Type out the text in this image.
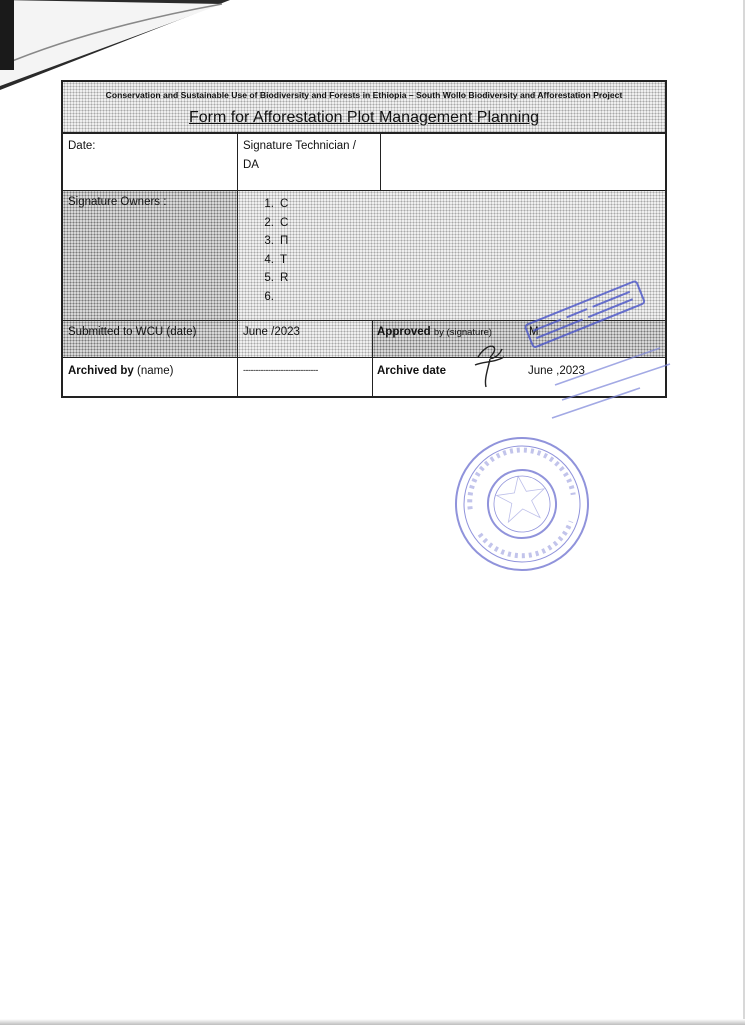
Conservation and Sustainable Use of Biodiversity and Forests in Ethiopia – South Wollo Biodiversity and Afforestation Project
Form for Afforestation Plot Management Planning
Date:	Signature Technician /
DA
Signature Owners :	1. C
2. C
3. П
4. T
5. R
6.
Submitted to WCU (date)	June /2023	Approved by (signature)	M
Archived by (name)	------------------------------	Archive date	June ,2023
